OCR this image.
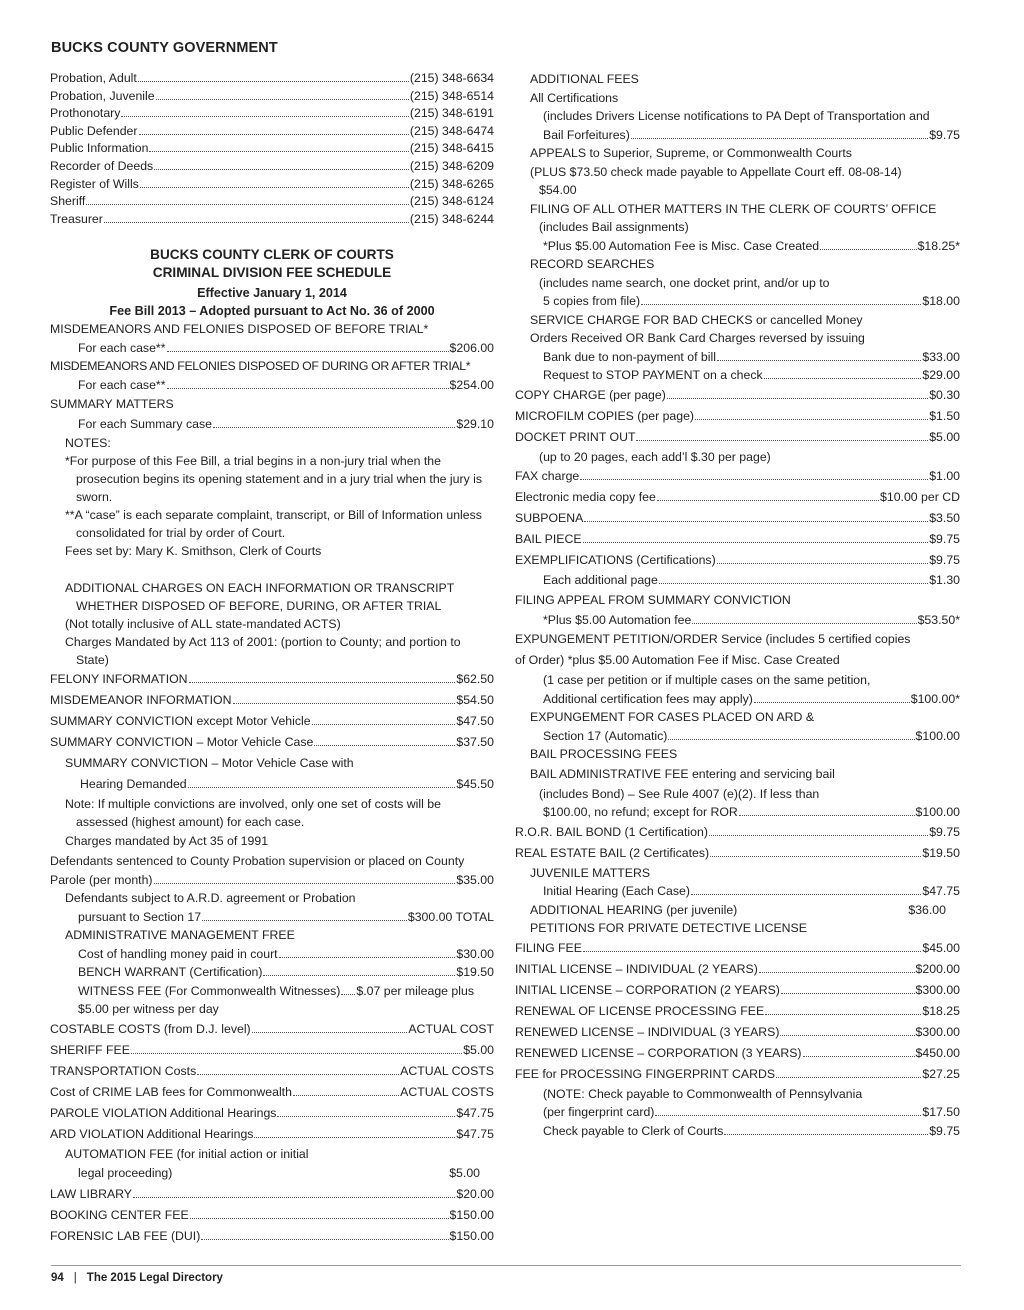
BUCKS COUNTY GOVERNMENT
Probation, Adult	(215) 348-6634
Probation, Juvenile	(215) 348-6514
Prothonotary	(215) 348-6191
Public Defender	(215) 348-6474
Public Information	(215) 348-6415
Recorder of Deeds	(215) 348-6209
Register of Wills	(215) 348-6265
Sheriff	(215) 348-6124
Treasurer	(215) 348-6244
BUCKS COUNTY CLERK OF COURTS
CRIMINAL DIVISION FEE SCHEDULE
Effective January 1, 2014
Fee Bill 2013 – Adopted pursuant to Act No. 36 of 2000
MISDEMEANORS AND FELONIES DISPOSED OF BEFORE TRIAL*
For each case**	$206.00
MISDEMEANORS AND FELONIES DISPOSED OF DURING OR AFTER TRIAL*
For each case**	$254.00
SUMMARY MATTERS
For each Summary case	$29.10
NOTES:
*For purpose of this Fee Bill, a trial begins in a non-jury trial when the prosecution begins its opening statement and in a jury trial when the jury is sworn.
**A “case” is each separate complaint, transcript, or Bill of Information unless consolidated for trial by order of Court.
Fees set by: Mary K. Smithson, Clerk of Courts
ADDITIONAL CHARGES ON EACH INFORMATION OR TRANSCRIPT WHETHER DISPOSED OF BEFORE, DURING, OR AFTER TRIAL
(Not totally inclusive of ALL state-mandated ACTS)
Charges Mandated by Act 113 of 2001: (portion to County; and portion to State)
FELONY INFORMATION	$62.50
MISDEMEANOR INFORMATION	$54.50
SUMMARY CONVICTION except Motor Vehicle	$47.50
SUMMARY CONVICTION – Motor Vehicle Case	$37.50
SUMMARY CONVICTION – Motor Vehicle Case with
Hearing Demanded	$45.50
Note: If multiple convictions are involved, only one set of costs will be assessed (highest amount) for each case.
Charges mandated by Act 35 of 1991
Defendants sentenced to County Probation supervision or placed on County
Parole (per month)	$35.00
Defendants subject to A.R.D. agreement or Probation
pursuant to Section 17	$300.00 TOTAL
ADMINISTRATIVE MANAGEMENT FREE
Cost of handling money paid in court	$30.00
BENCH WARRANT (Certification)	$19.50
WITNESS FEE (For Commonwealth Witnesses) $.07 per mileage plus
$5.00 per witness per day
COSTABLE COSTS (from D.J. level)	ACTUAL COST
SHERIFF FEE	$5.00
TRANSPORTATION Costs	ACTUAL COSTS
Cost of CRIME LAB fees for Commonwealth	ACTUAL COSTS
PAROLE VIOLATION Additional Hearings	$47.75
ARD VIOLATION Additional Hearings	$47.75
AUTOMATION FEE (for initial action or initial
legal proceeding)	$5.00
LAW LIBRARY	$20.00
BOOKING CENTER FEE	$150.00
FORENSIC LAB FEE (DUI)	$150.00
ADDITIONAL FEES
All Certifications
(includes Drivers License notifications to PA Dept of Transportation and
Bail Forfeitures)	$9.75
APPEALS to Superior, Supreme, or Commonwealth Courts
(PLUS $73.50 check made payable to Appellate Court eff. 08-08-14)
$54.00
FILING OF ALL OTHER MATTERS IN THE CLERK OF COURTS’ OFFICE
(includes Bail assignments)
*Plus $5.00 Automation Fee is Misc. Case Created	$18.25*
RECORD SEARCHES
(includes name search, one docket print, and/or up to
5 copies from file)	$18.00
SERVICE CHARGE FOR BAD CHECKS or cancelled Money
Orders Received OR Bank Card Charges reversed by issuing
Bank due to non-payment of bill	$33.00
Request to STOP PAYMENT on a check	$29.00
COPY CHARGE (per page)	$0.30
MICROFILM COPIES (per page)	$1.50
DOCKET PRINT OUT	$5.00
(up to 20 pages, each add’l $.30 per page)
FAX charge	$1.00
Electronic media copy fee	$10.00 per CD
SUBPOENA	$3.50
BAIL PIECE	$9.75
EXEMPLIFICATIONS (Certifications)	$9.75
Each additional page	$1.30
FILING APPEAL FROM SUMMARY CONVICTION
*Plus $5.00 Automation fee	$53.50*
EXPUNGEMENT PETITION/ORDER Service (includes 5 certified copies
of Order) *plus $5.00 Automation Fee if Misc. Case Created
(1 case per petition or if multiple cases on the same petition,
Additional certification fees may apply)	$100.00*
EXPUNGEMENT FOR CASES PLACED ON ARD &
Section 17 (Automatic)	$100.00
BAIL PROCESSING FEES
BAIL ADMINISTRATIVE FEE entering and servicing bail
(includes Bond) – See Rule 4007 (e)(2). If less than
$100.00, no refund; except for ROR	$100.00
R.O.R. BAIL BOND (1 Certification)	$9.75
REAL ESTATE BAIL (2 Certificates)	$19.50
JUVENILE MATTERS
Initial Hearing (Each Case)	$47.75
ADDITIONAL HEARING (per juvenile)	$36.00
PETITIONS FOR PRIVATE DETECTIVE LICENSE
FILING FEE	$45.00
INITIAL LICENSE – INDIVIDUAL (2 YEARS)	$200.00
INITIAL LICENSE – CORPORATION (2 YEARS)	$300.00
RENEWAL OF LICENSE PROCESSING FEE	$18.25
RENEWED LICENSE – INDIVIDUAL (3 YEARS)	$300.00
RENEWED LICENSE – CORPORATION (3 YEARS)	$450.00
FEE for PROCESSING FINGERPRINT CARDS	$27.25
(NOTE: Check payable to Commonwealth of Pennsylvania
(per fingerprint card)	$17.50
Check payable to Clerk of Courts	$9.75
94 | The 2015 Legal Directory
